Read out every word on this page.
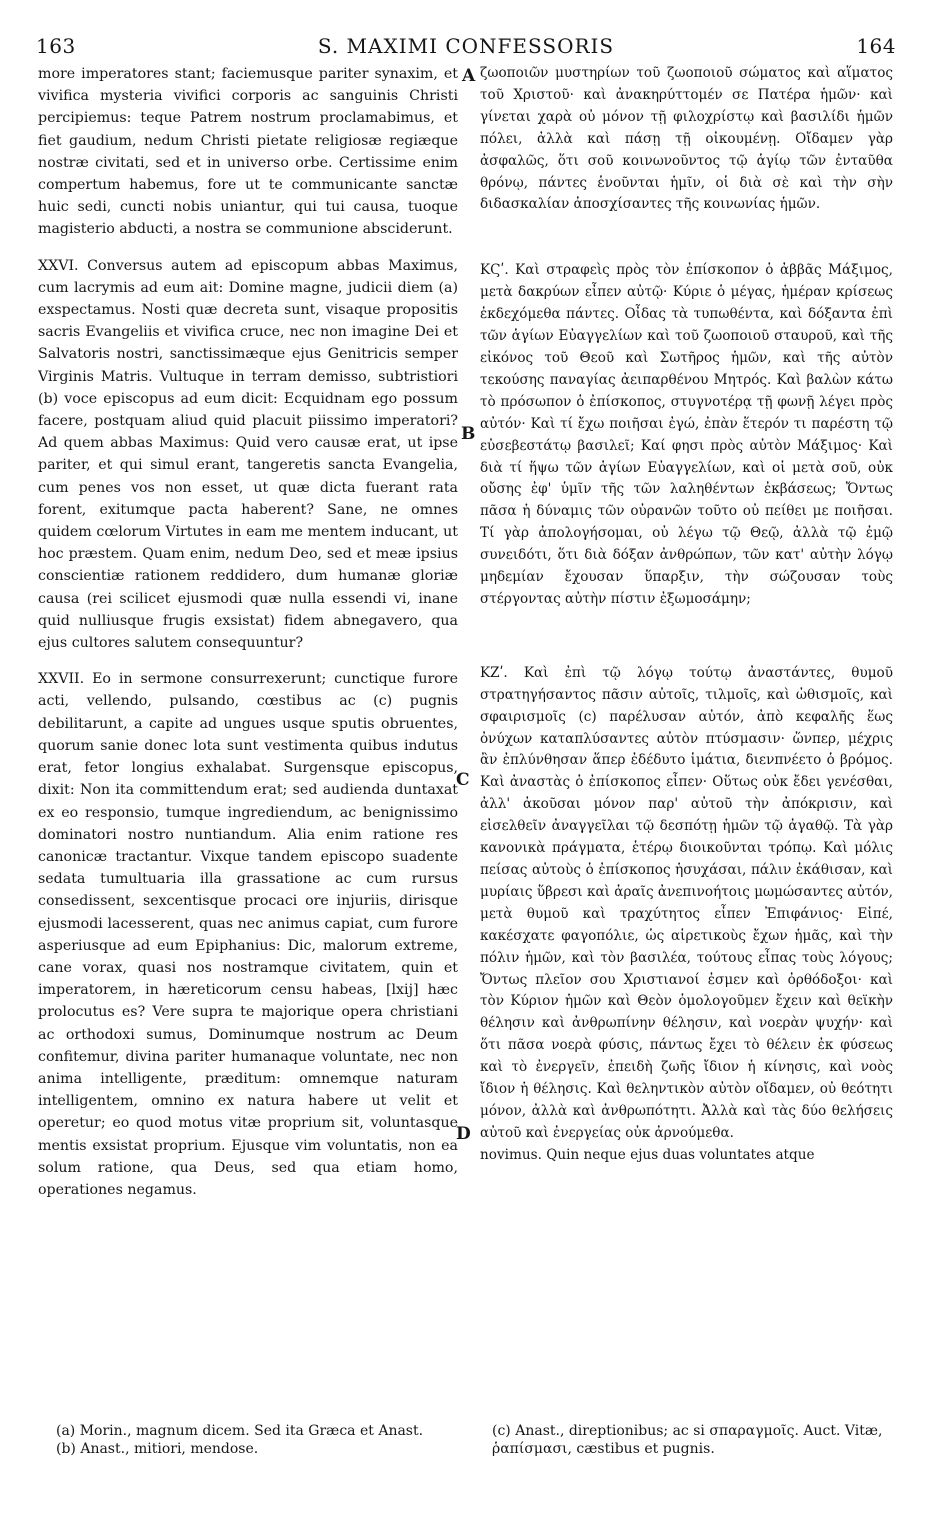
163	S. MAXIMI CONFESSORIS	164

more imperatores stant; faciemusque pariter synaxim, et vivifica mysteria vivifici corporis ac sanguinis Christi percipiemus: teque Patrem nostrum proclamabimus, et fiet gaudium, nedum Christi pietate religiosæ regiæque nostræ civitati, sed et in universo orbe. Certissime enim compertum habemus, fore ut te communicante sanctæ huic sedi, cuncti nobis uniantur, qui tui causa, tuoque magisterio abducti, a nostra se communione absciderunt.

XXVI. Conversus autem ad episcopum abbas Maximus, cum lacrymis ad eum ait: Domine magne, judicii diem (a) exspectamus. Nosti quæ decreta sunt, visaque propositis sacris Evangeliis et vivifica cruce, nec non imagine Dei et Salvatoris nostri, sanctissimæque ejus Genitricis semper Virginis Matris. Vultuque in terram demisso, subtristiori (b) voce episcopus ad eum dicit: Ecquidnam ego possum facere, postquam aliud quid placuit piissimo imperatori? Ad quem abbas Maximus: Quid vero causæ erat, ut ipse pariter, et qui simul erant, tangeretis sancta Evangelia, cum penes vos non esset, ut quæ dicta fuerant rata forent, exitumque pacta haberent? Sane, ne omnes quidem cœlorum Virtutes in eam me mentem inducant, ut hoc præstem. Quam enim, nedum Deo, sed et meæ ipsius conscientiæ rationem reddidero, dum humanæ gloriæ causa (rei scilicet ejusmodi quæ nulla essendi vi, inane quid nulliusque frugis exsistat) fidem abnegavero, qua ejus cultores salutem consequuntur?

XXVII. Eo in sermone consurrexerunt; cunctique furore acti, vellendo, pulsando, cœstibus ac (c) pugnis debilitarunt, a capite ad ungues usque sputis obruentes, quorum sanie donec lota sunt vestimenta quibus indutus erat, fetor longius exhalabat. Surgensque episcopus, dixit: Non ita committendum erat; sed audienda duntaxat ex eo responsio, tumque ingrediendum, ac benignissimo dominatori nostro nuntiandum. Alia enim ratione res canonicæ tractantur. Vixque tandem episcopo suadente sedata tumultuaria illa grassatione ac cum rursus consedissent, sexcentisque procaci ore injuriis, dirisque ejusmodi lacesserent, quas nec animus capiat, cum furore asperiusque ad eum Epiphanius: Dic, malorum extreme, cane vorax, quasi nos nostramque civitatem, quin et imperatorem, in hæreticorum censu habeas, [lxij] hæc prolocutus es? Vere supra te majorique opera christiani ac orthodoxi sumus, Dominumque nostrum ac Deum confitemur, divina pariter humanaque voluntate, nec non anima intelligente, præditum: omnemque naturam intelligentem, omnino ex natura habere ut velit et operetur; eo quod motus vitæ proprium sit, voluntasque mentis exsistat proprium. Ejusque vim voluntatis, non ea solum ratione, qua Deus, sed qua etiam homo, operationes negamus.

A
B
C
D

ζωοποιῶν μυστηρίων τοῦ ζωοποιοῦ σώματος καὶ αἵματος τοῦ Χριστοῦ· καὶ ἀνακηρύττομέν σε Πατέρα ἡμῶν· καὶ γίνεται χαρὰ οὐ μόνον τῇ φιλοχρίστῳ καὶ βασιλίδι ἡμῶν πόλει, ἀλλὰ καὶ πάσῃ τῇ οἰκουμένῃ. Οἴδαμεν γὰρ ἀσφαλῶς, ὅτι σοῦ κοινωνοῦντος τῷ ἁγίῳ τῶν ἐνταῦθα θρόνῳ, πάντες ἑνοῦνται ἡμῖν, οἱ διὰ σὲ καὶ τὴν σὴν διδασκαλίαν ἀποσχίσαντες τῆς κοινωνίας ἡμῶν.

ΚϚʹ. Καὶ στραφεὶς πρὸς τὸν ἐπίσκοπον ὁ ἀββᾶς Μάξιμος, μετὰ δακρύων εἶπεν αὐτῷ· Κύριε ὁ μέγας, ἡμέραν κρίσεως ἐκδεχόμεθα πάντες. Οἶδας τὰ τυπωθέντα, καὶ δόξαντα ἐπὶ τῶν ἁγίων Εὐαγγελίων καὶ τοῦ ζωοποιοῦ σταυροῦ, καὶ τῆς εἰκόνος τοῦ Θεοῦ καὶ Σωτῆρος ἡμῶν, καὶ τῆς αὐτὸν τεκούσης παναγίας ἀειπαρθένου Μητρός. Καὶ βαλὼν κάτω τὸ πρόσωπον ὁ ἐπίσκοπος, στυγνοτέρᾳ τῇ φωνῇ λέγει πρὸς αὐτόν· Καὶ τί ἔχω ποιῆσαι ἐγώ, ἐπὰν ἕτερόν τι παρέστη τῷ εὐσεβεστάτῳ βασιλεῖ; Καί φησι πρὸς αὐτὸν Μάξιμος· Καὶ διὰ τί ἥψω τῶν ἁγίων Εὐαγγελίων, καὶ οἱ μετὰ σοῦ, οὐκ οὔσης ἐφ' ὑμῖν τῆς τῶν λαληθέντων ἐκβάσεως; Ὄντως πᾶσα ἡ δύναμις τῶν οὐρανῶν τοῦτο οὐ πείθει με ποιῆσαι. Τί γὰρ ἀπολογήσομαι, οὐ λέγω τῷ Θεῷ, ἀλλὰ τῷ ἐμῷ συνειδότι, ὅτι διὰ δόξαν ἀνθρώπων, τῶν κατ' αὐτὴν λόγῳ μηδεμίαν ἔχουσαν ὕπαρξιν, τὴν σώζουσαν τοὺς στέργοντας αὐτὴν πίστιν ἐξωμοσάμην;

ΚΖʹ. Καὶ ἐπὶ τῷ λόγῳ τούτῳ ἀναστάντες, θυμοῦ στρατηγήσαντος πᾶσιν αὐτοῖς, τιλμοῖς, καὶ ὠθισμοῖς, καὶ σφαιρισμοῖς (c) παρέλυσαν αὐτόν, ἀπὸ κεφαλῆς ἕως ὀνύχων καταπλύσαντες αὐτὸν πτύσμασιν· ὥνπερ, μέχρις ἂν ἐπλύνθησαν ἅπερ ἐδέδυτο ἱμάτια, διενπνέετο ὁ βρόμος. Καὶ ἀναστὰς ὁ ἐπίσκοπος εἶπεν· Οὕτως οὐκ ἔδει γενέσθαι, ἀλλ' ἀκοῦσαι μόνον παρ' αὐτοῦ τὴν ἀπόκρισιν, καὶ εἰσελθεῖν ἀναγγεῖλαι τῷ δεσπότῃ ἡμῶν τῷ ἀγαθῷ. Τὰ γὰρ κανονικὰ πράγματα, ἑτέρῳ διοικοῦνται τρόπῳ. Καὶ μόλις πείσας αὐτοὺς ὁ ἐπίσκοπος ἡσυχάσαι, πάλιν ἐκάθισαν, καὶ μυρίαις ὕβρεσι καὶ ἀραῖς ἀνεπινοήτοις μωμώσαντες αὐτόν, μετὰ θυμοῦ καὶ τραχύτητος εἶπεν Ἐπιφάνιος· Εἰπέ, κακέσχατε φαγοπόλιε, ὡς αἱρετικοὺς ἔχων ἡμᾶς, καὶ τὴν πόλιν ἡμῶν, καὶ τὸν βασιλέα, τούτους εἶπας τοὺς λόγους; Ὄντως πλεῖον σου Χριστιανοί ἐσμεν καὶ ὀρθόδοξοι· καὶ τὸν Κύριον ἡμῶν καὶ Θεὸν ὁμολογοῦμεν ἔχειν καὶ θεϊκὴν θέλησιν καὶ ἀνθρωπίνην θέλησιν, καὶ νοερὰν ψυχήν· καὶ ὅτι πᾶσα νοερὰ φύσις, πάντως ἔχει τὸ θέλειν ἐκ φύσεως καὶ τὸ ἐνεργεῖν, ἐπειδὴ ζωῆς ἴδιον ἡ κίνησις, καὶ νοὸς ἴδιον ἡ θέλησις. Καὶ θεληντικὸν αὐτὸν οἴδαμεν, οὐ θεότητι μόνον, ἀλλὰ καὶ ἀνθρωπότητι. Ἀλλὰ καὶ τὰς δύο θελήσεις αὐτοῦ καὶ ἐνεργείας οὐκ ἀρνούμεθα.

novimus. Quin neque ejus duas voluntates atque

(a) Morin., magnum dicem. Sed ita Græca et Anast.
(b) Anast., mitiori, mendose.
(c) Anast., direptionibus; ac si σπαραγμοῖς. Auct. Vitæ, ῥαπίσμασι, cæstibus et pugnis.
